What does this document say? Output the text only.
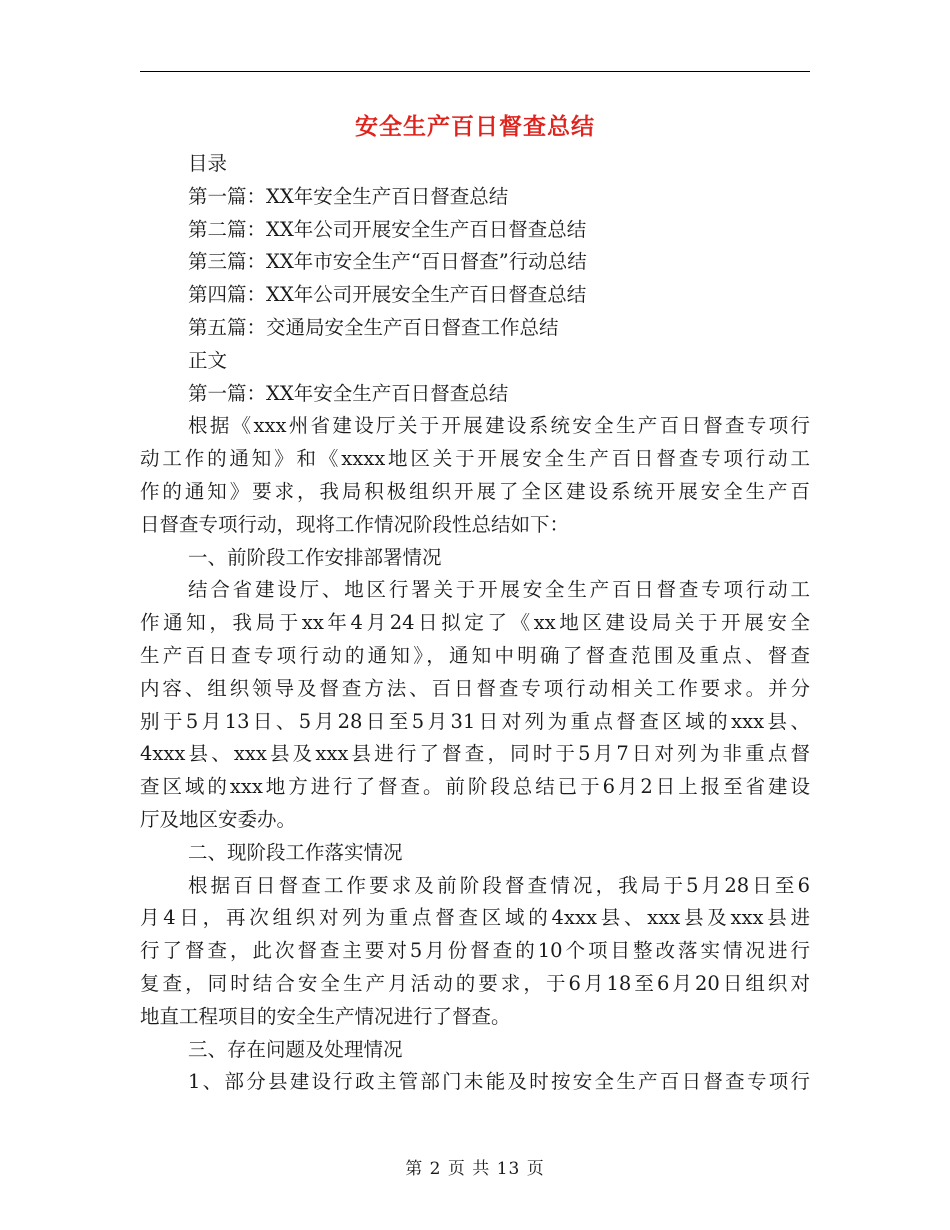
安全生产百日督查总结
目录
第一篇：XX年安全生产百日督查总结
第二篇：XX年公司开展安全生产百日督查总结
第三篇：XX年市安全生产“百日督查”行动总结
第四篇：XX年公司开展安全生产百日督查总结
第五篇：交通局安全生产百日督查工作总结
正文
第一篇：XX年安全生产百日督查总结
根据《xxx州省建设厅关于开展建设系统安全生产百日督查专项行
动工作的通知》和《xxxx地区关于开展安全生产百日督查专项行动工
作的通知》要求，我局积极组织开展了全区建设系统开展安全生产百
日督查专项行动，现将工作情况阶段性总结如下：
一、前阶段工作安排部署情况
结合省建设厅、地区行署关于开展安全生产百日督查专项行动工
作通知，我局于xx年4月24日拟定了《xx地区建设局关于开展安全
生产百日查专项行动的通知》，通知中明确了督查范围及重点、督查
内容、组织领导及督查方法、百日督查专项行动相关工作要求。并分
别于5月13日、5月28日至5月31日对列为重点督查区域的xxx县、
4xxx县、xxx县及xxx县进行了督查，同时于5月7日对列为非重点督
查区域的xxx地方进行了督查。前阶段总结已于6月2日上报至省建设
厅及地区安委办。
二、现阶段工作落实情况
根据百日督查工作要求及前阶段督查情况，我局于5月28日至6
月4日，再次组织对列为重点督查区域的4xxx县、xxx县及xxx县进
行了督查，此次督查主要对5月份督查的10个项目整改落实情况进行
复查，同时结合安全生产月活动的要求，于6月18至6月20日组织对
地直工程项目的安全生产情况进行了督查。
三、存在问题及处理情况
1、部分县建设行政主管部门未能及时按安全生产百日督查专项行
第 2 页 共 13 页
